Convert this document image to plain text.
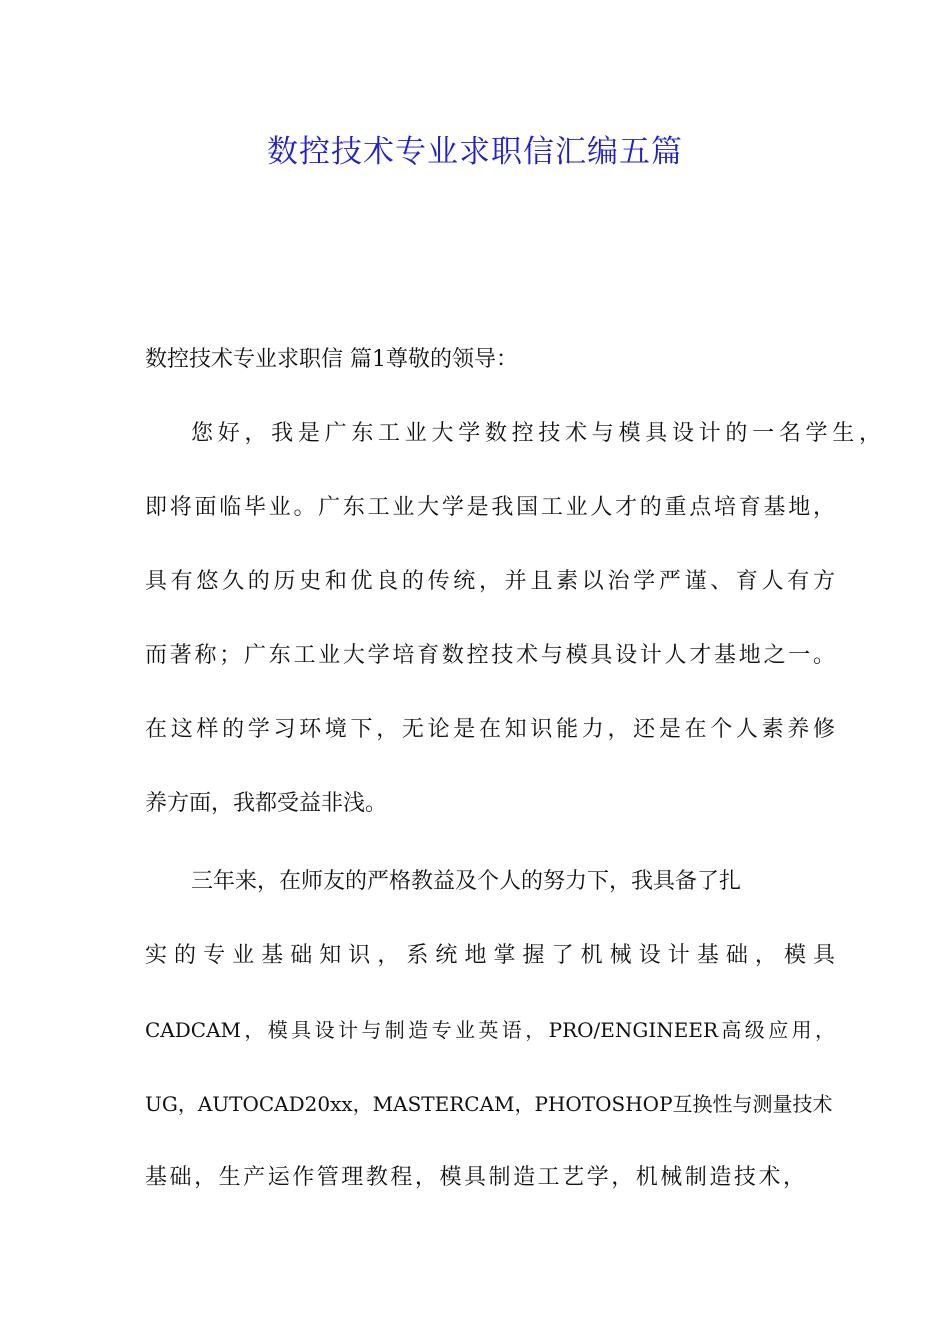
数控技术专业求职信汇编五篇

数控技术专业求职信 篇1尊敬的领导：

您好，我是广东工业大学数控技术与模具设计的一名学生，

即将面临毕业。广东工业大学是我国工业人才的重点培育基地，

具有悠久的历史和优良的传统，并且素以治学严谨、育人有方

而著称；广东工业大学培育数控技术与模具设计人才基地之一。

在这样的学习环境下，无论是在知识能力，还是在个人素养修

养方面，我都受益非浅。

三年来，在师友的严格教益及个人的努力下，我具备了扎

实的专业基础知识，系统地掌握了机械设计基础，模具

CADCAM，模具设计与制造专业英语，PRO/ENGINEER高级应用，

UG，AUTOCAD20xx，MASTERCAM，PHOTOSHOP互换性与测量技术

基础，生产运作管理教程，模具制造工艺学，机械制造技术，
